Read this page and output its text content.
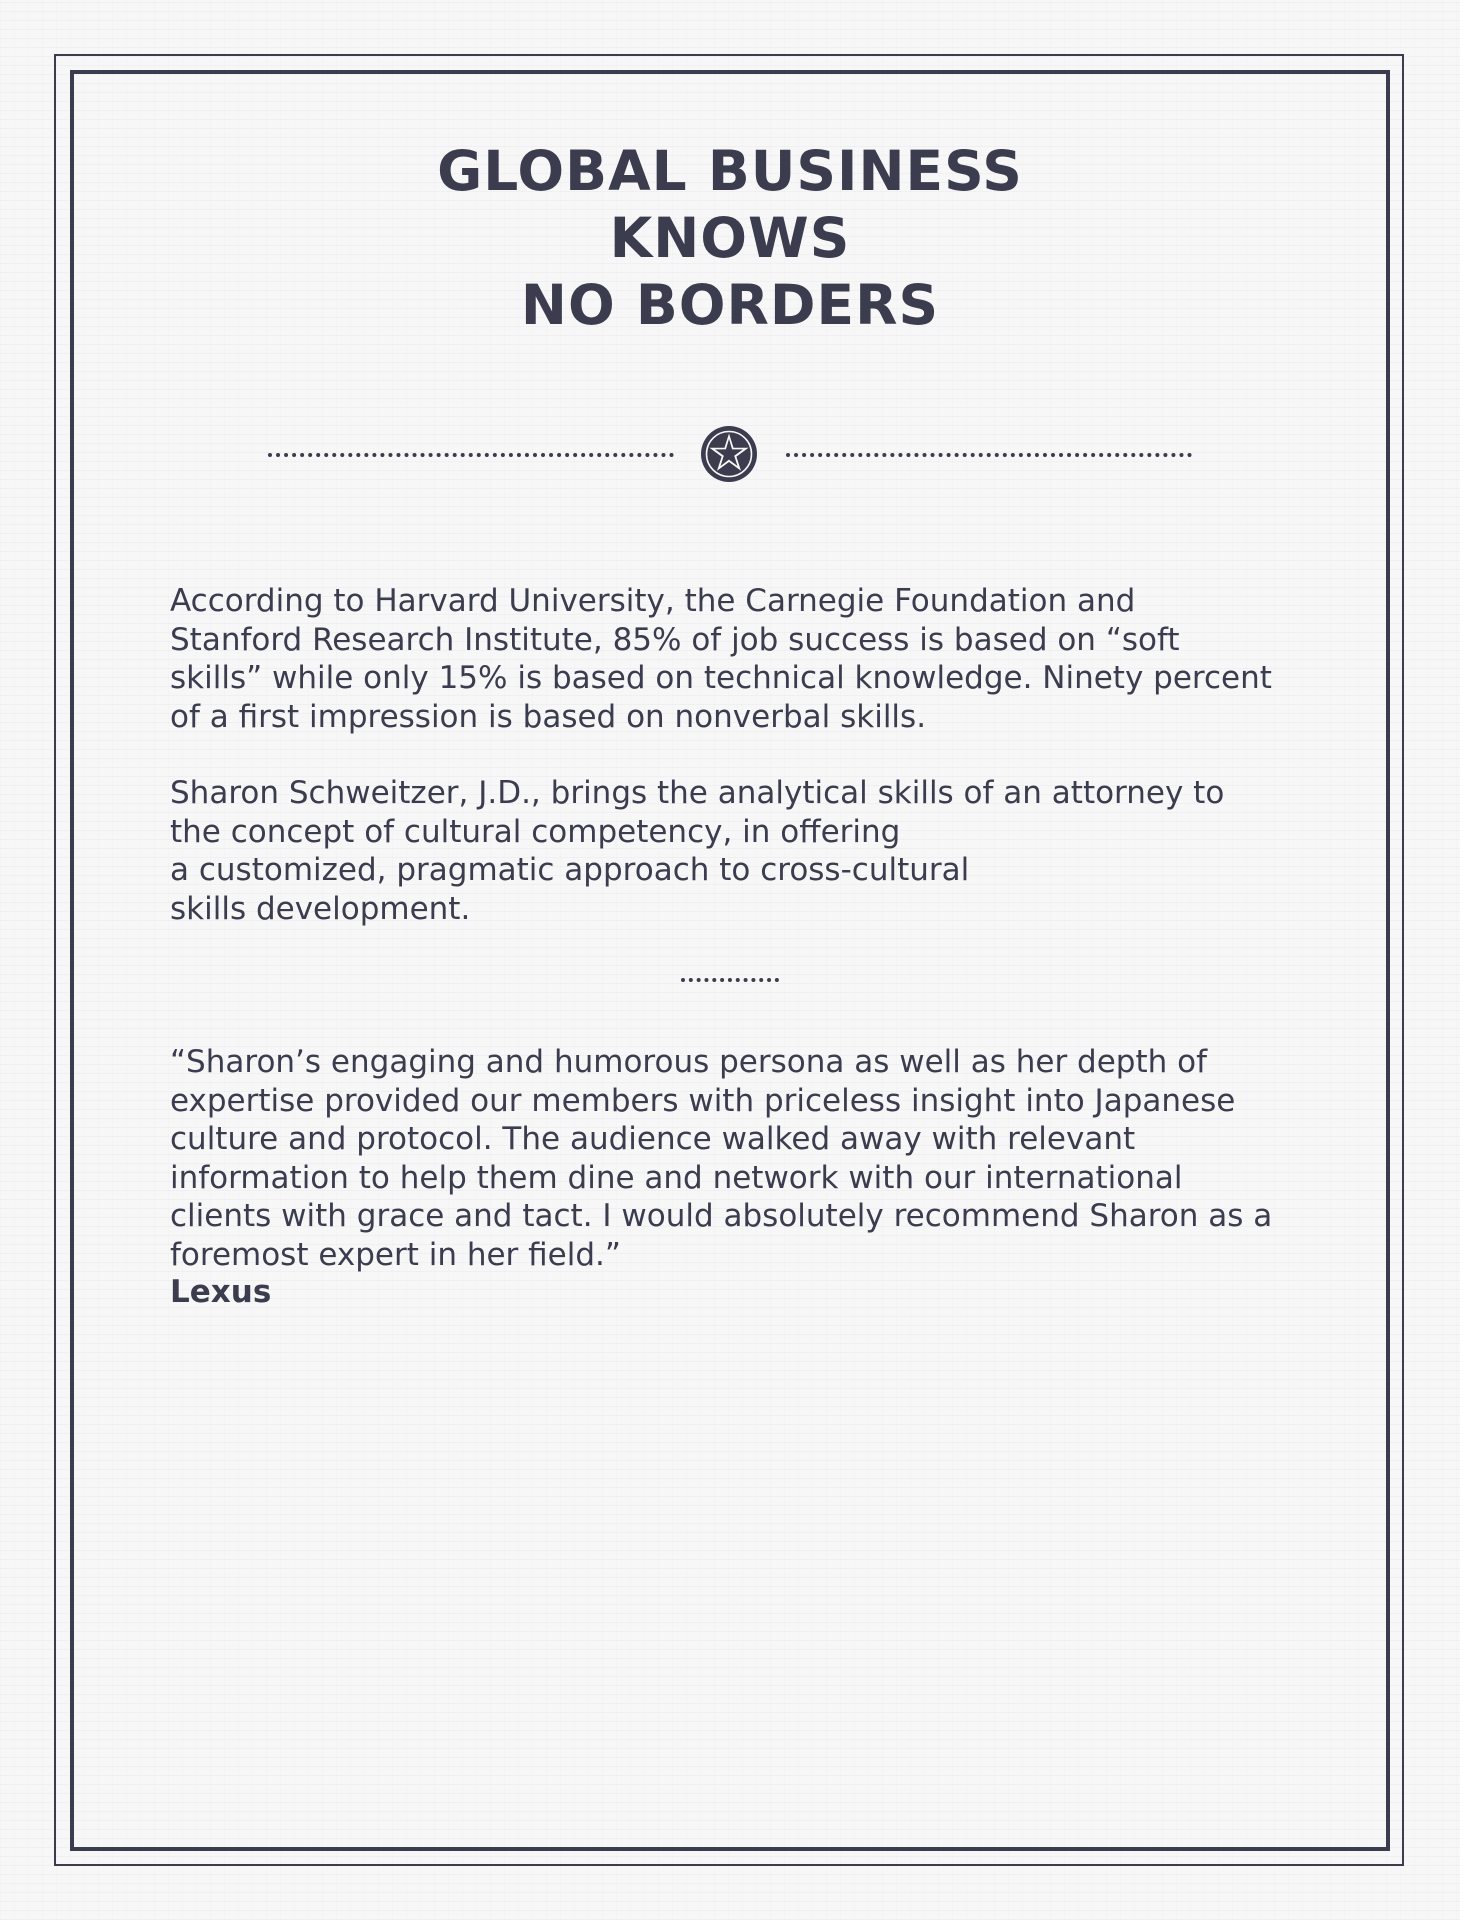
GLOBAL BUSINESS
KNOWS
NO BORDERS

According to Harvard University, the Carnegie Foundation and
Stanford Research Institute, 85% of job success is based on “soft
skills” while only 15% is based on technical knowledge. Ninety percent
of a first impression is based on nonverbal skills.

Sharon Schweitzer, J.D., brings the analytical skills of an attorney to
the concept of cultural competency, in offering
a customized, pragmatic approach to cross-cultural
skills development.

“Sharon’s engaging and humorous persona as well as her depth of
expertise provided our members with priceless insight into Japanese
culture and protocol. The audience walked away with relevant
information to help them dine and network with our international
clients with grace and tact. I would absolutely recommend Sharon as a
foremost expert in her field.”

Lexus
